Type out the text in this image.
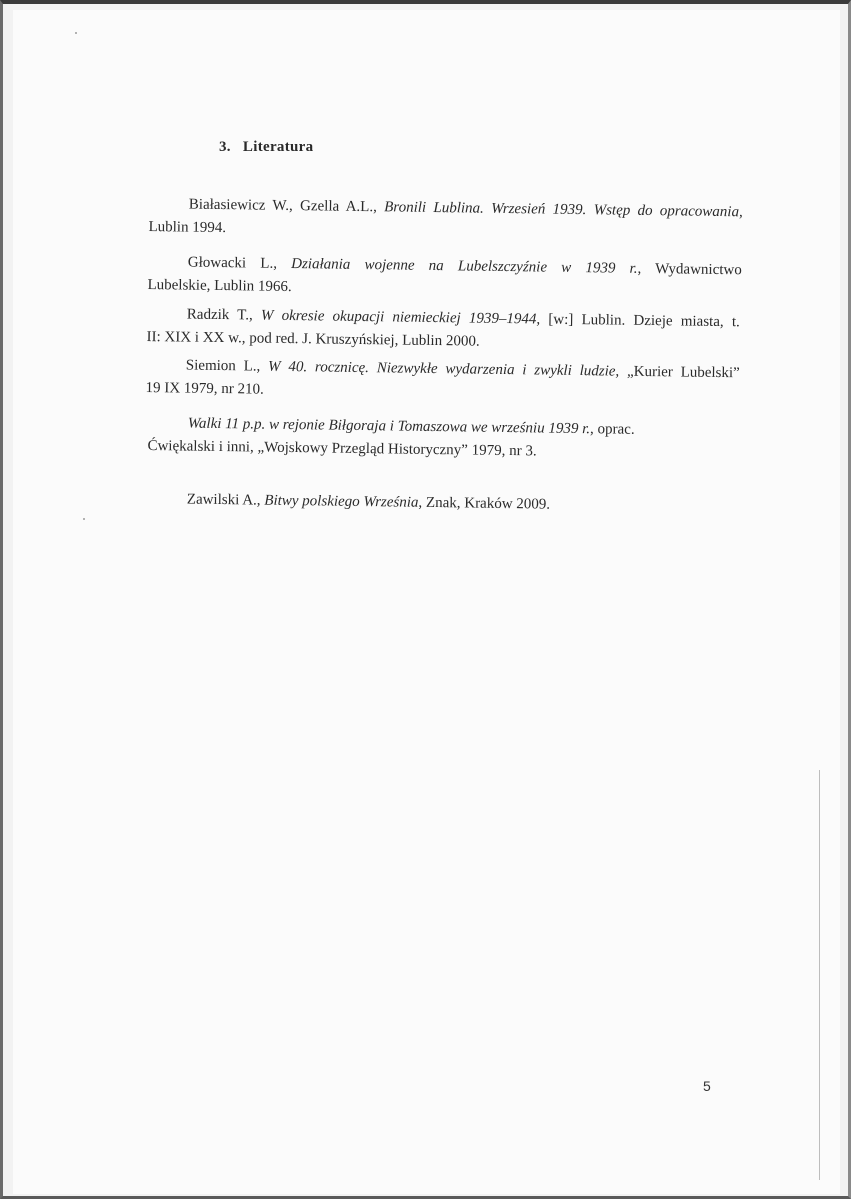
3. Literatura
Białasiewicz W., Gzella A.L., Bronili Lublina. Wrzesień 1939. Wstęp do opracowania,
Lublin 1994.
Głowacki L., Działania wojenne na Lubelszczyźnie w 1939 r., Wydawnictwo
Lubelskie, Lublin 1966.
Radzik T., W okresie okupacji niemieckiej 1939–1944, [w:] Lublin. Dzieje miasta, t.
II: XIX i XX w., pod red. J. Kruszyńskiej, Lublin 2000.
Siemion L., W 40. rocznicę. Niezwykłe wydarzenia i zwykli ludzie, „Kurier Lubelski”
19 IX 1979, nr 210.
Walki 11 p.p. w rejonie Biłgoraja i Tomaszowa we wrześniu 1939 r., oprac.
Ćwiękalski i inni, „Wojskowy Przegląd Historyczny” 1979, nr 3.
Zawilski A., Bitwy polskiego Września, Znak, Kraków 2009.
5
